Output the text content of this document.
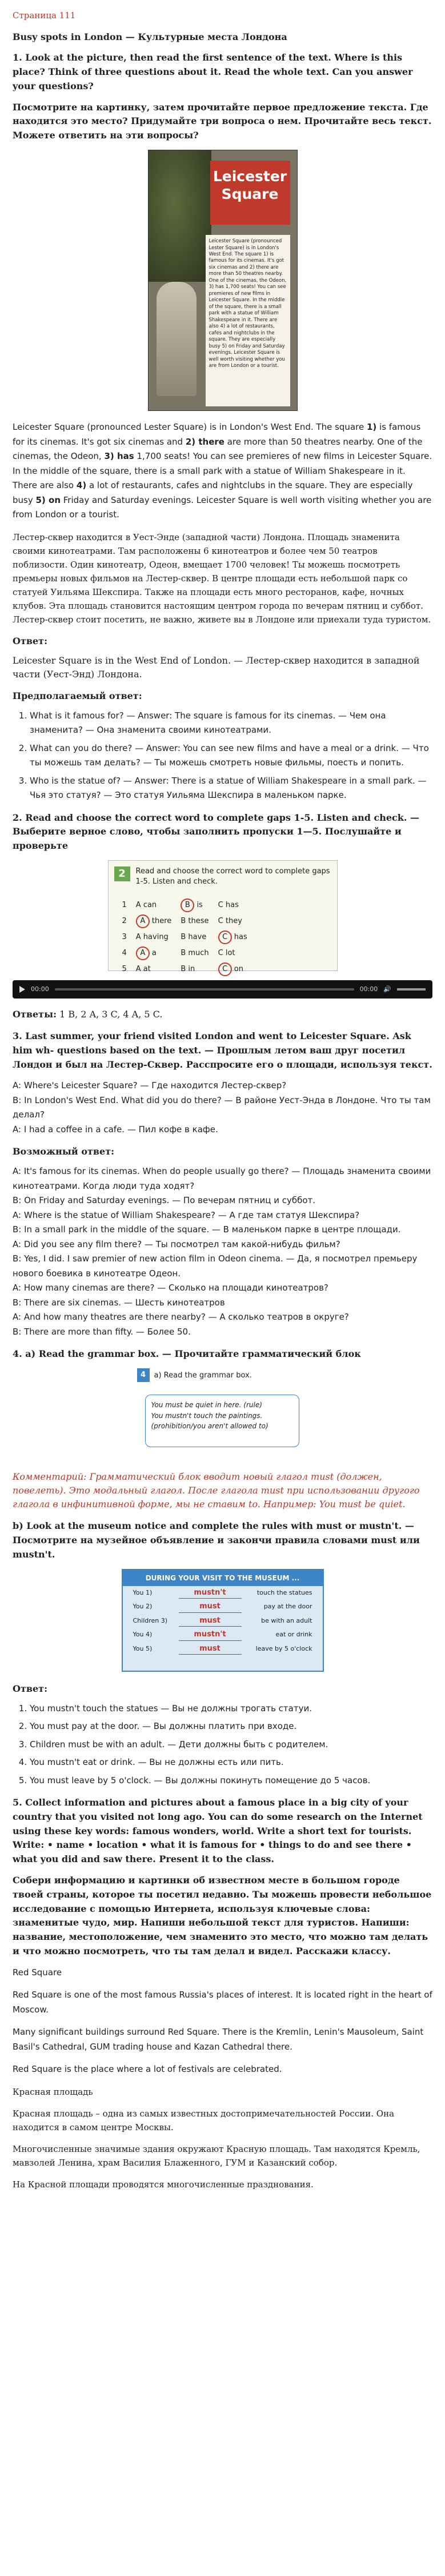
Страница 111
Busy spots in London — Культурные места Лондона
1. Look at the picture, then read the first sentence of the text. Where is this place? Think of three questions about it. Read the whole text. Can you answer your questions?
Посмотрите на картинку, затем прочитайте первое предложение текста. Где находится это место? Придумайте три вопроса о нем. Прочитайте весь текст. Можете ответить на эти вопросы?
Leicester Square
Leicester Square (pronounced Lester Square) is in London's West End. The square 1) is famous for its cinemas. It's got six cinemas and 2) there are more than 50 theatres nearby. One of the cinemas, the Odeon, 3) has 1,700 seats! You can see premieres of new films in Leicester Square. In the middle of the square, there is a small park with a statue of William Shakespeare in it. There are also 4) a lot of restaurants, cafes and nightclubs in the square. They are especially busy 5) on Friday and Saturday evenings. Leicester Square is well worth visiting whether you are from London or a tourist.

Leicester Square (pronounced Lester Square) is in London's West End. The square 1) is famous for its cinemas. It's got six cinemas and 2) there are more than 50 theatres nearby. One of the cinemas, the Odeon, 3) has 1,700 seats! You can see premieres of new films in Leicester Square. In the middle of the square, there is a small park with a statue of William Shakespeare in it. There are also 4) a lot of restaurants, cafes and nightclubs in the square. They are especially busy 5) on Friday and Saturday evenings. Leicester Square is well worth visiting whether you are from London or a tourist.

Лестер-сквер находится в Уест-Энде (западной части) Лондона. Площадь знаменита своими кинотеатрами. Там расположены 6 кинотеатров и более чем 50 театров поблизости. Один кинотеатр, Одеон, вмещает 1700 человек! Ты можешь посмотреть премьеры новых фильмов на Лестер-сквер. В центре площади есть небольшой парк со статуей Уильяма Шекспира. Также на площади есть много ресторанов, кафе, ночных клубов. Эта площадь становится настоящим центром города по вечерам пятниц и суббот. Лестер-сквер стоит посетить, не важно, живете вы в Лондоне или приехали туда туристом.

Ответ:

Leicester Square is in the West End of London. — Лестер-сквер находится в западной части (Уест-Энд) Лондона.

Предполагаемый ответ:
1. What is it famous for? — Answer: The square is famous for its cinemas. — Чем она знаменита? — Она знаменита своими кинотеатрами.
2. What can you do there? — Answer: You can see new films and have a meal or a drink. — Что ты можешь там делать? — Ты можешь смотреть новые фильмы, поесть и попить.
3. Who is the statue of? — Answer: There is a statue of William Shakespeare in a small park. — Чья это статуя? — Это статуя Уильяма Шекспира в маленьком парке.
2. Read and choose the correct word to complete gaps 1-5. Listen and check. — Выберите верное слово, чтобы заполнить пропуски 1—5. Послушайте и проверьте
2	Read and choose the correct word to complete gaps 1-5. Listen and check.
1	A can	B is	C has
2	A there	B these	C they
3	A having	B have	C has
4	A a	B much	C lot
5	A at	B in	C on
00:00	00:00 🔊

Ответы: 1 B, 2 A, 3 C, 4 A, 5 C.

3. Last summer, your friend visited London and went to Leicester Square. Ask him wh- questions based on the text. — Прошлым летом ваш друг посетил Лондон и был на Лестер-Сквер. Расспросите его о площади, используя текст.
A: Where's Leicester Square? — Где находится Лестер-сквер?
B: In London's West End. What did you do there? — В районе Уест-Энда в Лондоне. Что ты там делал?
A: I had a coffee in a cafe. — Пил кофе в кафе.
Возможный ответ:
A: It's famous for its cinemas. When do people usually go there? — Площадь знаменита своими кинотеатрами. Когда люди туда ходят?
B: On Friday and Saturday evenings. — По вечерам пятниц и суббот.
A: Where is the statue of William Shakespeare? — А где там статуя Шекспира?
B: In a small park in the middle of the square. — В маленьком парке в центре площади.
A: Did you see any film there? — Ты посмотрел там какой-нибудь фильм?
B: Yes, I did. I saw premier of new action film in Odeon cinema. — Да, я посмотрел премьеру нового боевика в кинотеатре Одеон.
A: How many cinemas are there? — Сколько на площади кинотеатров?
B: There are six cinemas. — Шесть кинотеатров
A: And how many theatres are there nearby? — А сколько театров в округе?
B: There are more than fifty. — Более 50.
4. a) Read the grammar box. — Прочитайте грамматический блок
4	a) Read the grammar box.
You must be quiet in here. (rule)
You mustn't touch the paintings.
(prohibition/you aren't allowed to)

Комментарий: Грамматический блок вводит новый глагол must (должен, повелеть). Это модальный глагол. После глагола must при использовании другого глагола в инфинитивной форме, мы не ставим to. Например: You must be quiet.

b) Look at the museum notice and complete the rules with must or mustn't. — Посмотрите на музейное объявление и закончи правила словами must или mustn't.
DURING YOUR VISIT TO THE MUSEUM ...
You 1)	mustn't	touch the statues
You 2)	must	pay at the door
Children 3)	must	be with an adult
You 4)	mustn't	eat or drink
You 5)	must	leave by 5 o'clock
Ответ:
1. You mustn't touch the statues — Вы не должны трогать статуи.
2. You must pay at the door. — Вы должны платить при входе.
3. Children must be with an adult. — Дети должны быть с родителем.
4. You mustn't eat or drink. — Вы не должны есть или пить.
5. You must leave by 5 o'clock. — Вы должны покинуть помещение до 5 часов.
5. Collect information and pictures about a famous place in a big city of your country that you visited not long ago. You can do some research on the Internet using these key words: famous wonders, world. Write a short text for tourists. Write: • name • location • what it is famous for • things to do and see there • what you did and saw there. Present it to the class.
Собери информацию и картинки об известном месте в большом городе твоей страны, которое ты посетил недавно. Ты можешь провести небольшое исследование с помощью Интернета, используя ключевые слова: знаменитые чудо, мир. Напиши небольшой текст для туристов. Напиши: название, местоположение, чем знаменито это место, что можно там делать и что можно посмотреть, что ты там делал и видел. Расскажи классу.

Red Square

Red Square is one of the most famous Russia's places of interest. It is located right in the heart of Moscow.

Many significant buildings surround Red Square. There is the Kremlin, Lenin's Mausoleum, Saint Basil's Cathedral, GUM trading house and Kazan Cathedral there.

Red Square is the place where a lot of festivals are celebrated.

Красная площадь

Красная площадь – одна из самых известных достопримечательностей России. Она находится в самом центре Москвы.

Многочисленные значимые здания окружают Красную площадь. Там находятся Кремль, мавзолей Ленина, храм Василия Блаженного, ГУМ и Казанский собор.

На Красной площади проводятся многочисленные празднования.
